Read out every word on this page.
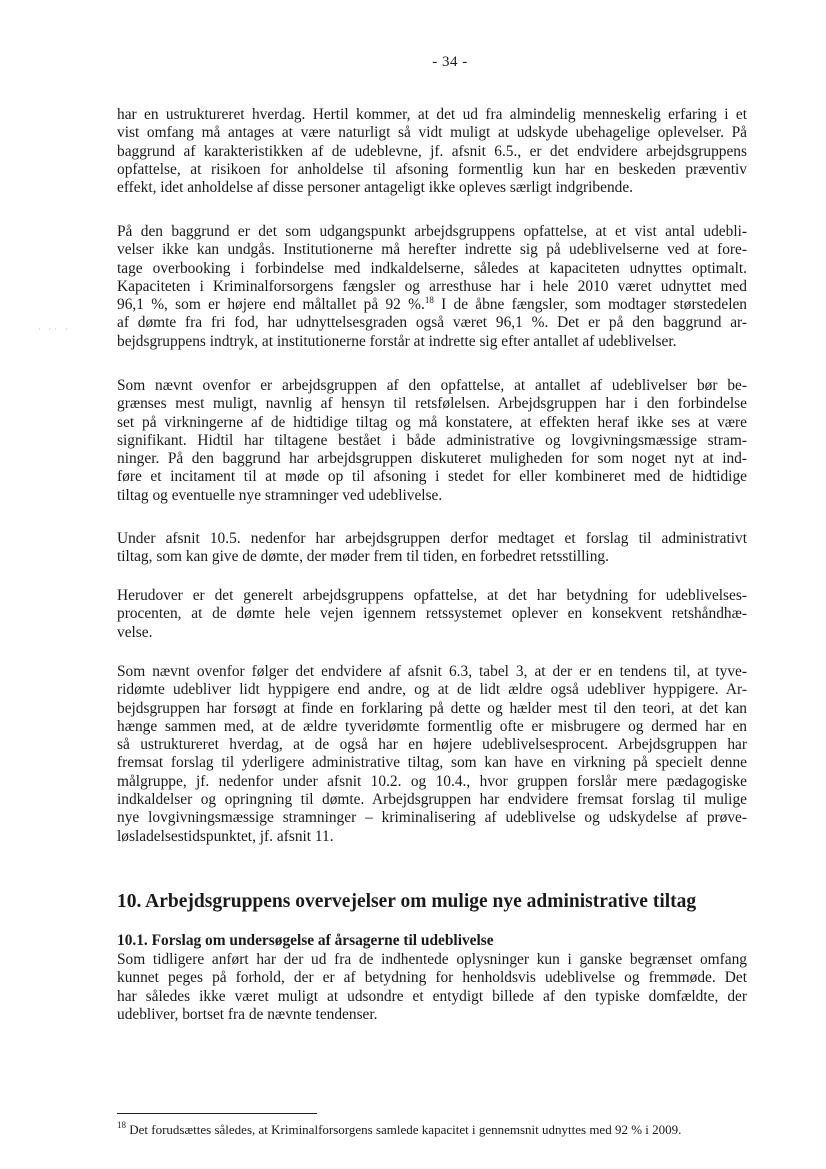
- 34 -
· ·· ·
har en ustruktureret hverdag. Hertil kommer, at det ud fra almindelig menneskelig erfaring i et
vist omfang må antages at være naturligt så vidt muligt at udskyde ubehagelige oplevelser. På
baggrund af karakteristikken af de udeblevne, jf. afsnit 6.5., er det endvidere arbejdsgruppens
opfattelse, at risikoen for anholdelse til afsoning formentlig kun har en beskeden præventiv
effekt, idet anholdelse af disse personer antageligt ikke opleves særligt indgribende.
På den baggrund er det som udgangspunkt arbejdsgruppens opfattelse, at et vist antal udebli-
velser ikke kan undgås. Institutionerne må herefter indrette sig på udeblivelserne ved at fore-
tage overbooking i forbindelse med indkaldelserne, således at kapaciteten udnyttes optimalt.
Kapaciteten i Kriminalforsorgens fængsler og arresthuse har i hele 2010 været udnyttet med
96,1 %, som er højere end måltallet på 92 %.$^{18}$ I de åbne fængsler, som modtager størstedelen
af dømte fra fri fod, har udnyttelsesgraden også været 96,1 %. Det er på den baggrund ar-
bejdsgruppens indtryk, at institutionerne forstår at indrette sig efter antallet af udeblivelser.
Som nævnt ovenfor er arbejdsgruppen af den opfattelse, at antallet af udeblivelser bør be-
grænses mest muligt, navnlig af hensyn til retsfølelsen. Arbejdsgruppen har i den forbindelse
set på virkningerne af de hidtidige tiltag og må konstatere, at effekten heraf ikke ses at være
signifikant. Hidtil har tiltagene bestået i både administrative og lovgivningsmæssige stram-
ninger. På den baggrund har arbejdsgruppen diskuteret muligheden for som noget nyt at ind-
føre et incitament til at møde op til afsoning i stedet for eller kombineret med de hidtidige
tiltag og eventuelle nye stramninger ved udeblivelse.
Under afsnit 10.5. nedenfor har arbejdsgruppen derfor medtaget et forslag til administrativt
tiltag, som kan give de dømte, der møder frem til tiden, en forbedret retsstilling.
Herudover er det generelt arbejdsgruppens opfattelse, at det har betydning for udeblivelses-
procenten, at de dømte hele vejen igennem retssystemet oplever en konsekvent retshåndhæ-
velse.
Som nævnt ovenfor følger det endvidere af afsnit 6.3, tabel 3, at der er en tendens til, at tyve-
ridømte udebliver lidt hyppigere end andre, og at de lidt ældre også udebliver hyppigere. Ar-
bejdsgruppen har forsøgt at finde en forklaring på dette og hælder mest til den teori, at det kan
hænge sammen med, at de ældre tyveridømte formentlig ofte er misbrugere og dermed har en
så ustruktureret hverdag, at de også har en højere udeblivelsesprocent. Arbejdsgruppen har
fremsat forslag til yderligere administrative tiltag, som kan have en virkning på specielt denne
målgruppe, jf. nedenfor under afsnit 10.2. og 10.4., hvor gruppen forslår mere pædagogiske
indkaldelser og opringning til dømte. Arbejdsgruppen har endvidere fremsat forslag til mulige
nye lovgivningsmæssige stramninger – kriminalisering af udeblivelse og udskydelse af prøve-
løsladelsestidspunktet, jf. afsnit 11.
10. Arbejdsgruppens overvejelser om mulige nye administrative tiltag
10.1. Forslag om undersøgelse af årsagerne til udeblivelse
Som tidligere anført har der ud fra de indhentede oplysninger kun i ganske begrænset omfang
kunnet peges på forhold, der er af betydning for henholdsvis udeblivelse og fremmøde. Det
har således ikke været muligt at udsondre et entydigt billede af den typiske domfældte, der
udebliver, bortset fra de nævnte tendenser.
$^{18}$ Det forudsættes således, at Kriminalforsorgens samlede kapacitet i gennemsnit udnyttes med 92 % i 2009.
